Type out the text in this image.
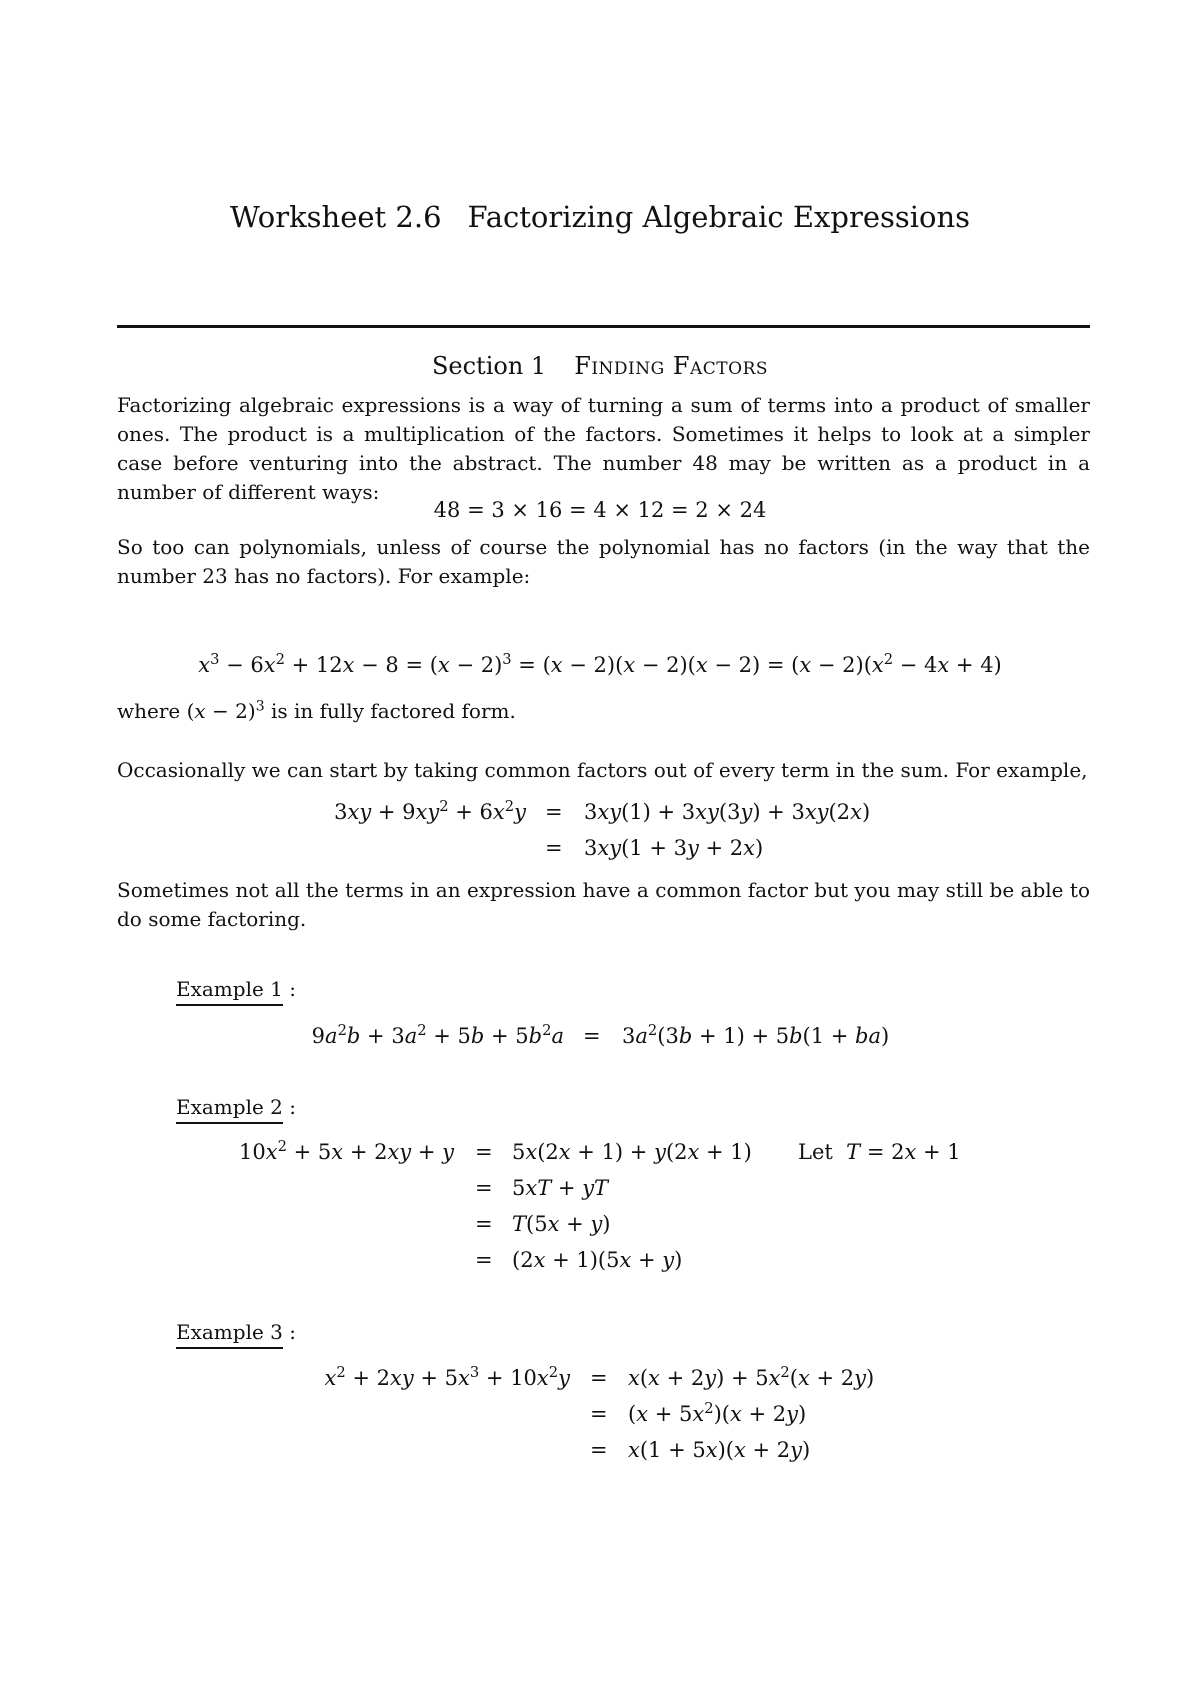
Worksheet 2.6 Factorizing Algebraic Expressions
Section 1 Finding Factors

Factorizing algebraic expressions is a way of turning a sum of terms into a product of smaller ones. The product is a multiplication of the factors. Sometimes it helps to look at a simpler case before venturing into the abstract. The number 48 may be written as a product in a number of different ways:

48 = 3 × 16 = 4 × 12 = 2 × 24

So too can polynomials, unless of course the polynomial has no factors (in the way that the number 23 has no factors). For example:

$x^3 - 6x^2 + 12x - 8 = (x - 2)^3 = (x - 2)(x - 2)(x - 2) = (x - 2)(x^2 - 4x + 4)$

where $(x - 2)^3$ is in fully factored form.

Occasionally we can start by taking common factors out of every term in the sum. For example,

$3xy + 9xy^2 + 6x^2y = 3xy(1) + 3xy(3y) + 3xy(2x)$
= 3xy(1 + 3y + 2x)

Sometimes not all the terms in an expression have a common factor but you may still be able to do some factoring.

Example 1 :
$9a^2b + 3a^2 + 5b + 5b^2a = 3a^2(3b + 1) + 5b(1 + ba)$
Example 2 :
$10x^2 + 5x + 2xy + y = 5x(2x + 1) + y(2x + 1)$ Let T = 2x + 1
= 5xT + yT
= T(5x + y)
= (2x + 1)(5x + y)
Example 3 :
$x^2 + 2xy + 5x^3 + 10x^2y = x(x + 2y) + 5x^2(x + 2y)$
= $(x + 5x^2)(x + 2y)$
= x(1 + 5x)(x + 2y)
